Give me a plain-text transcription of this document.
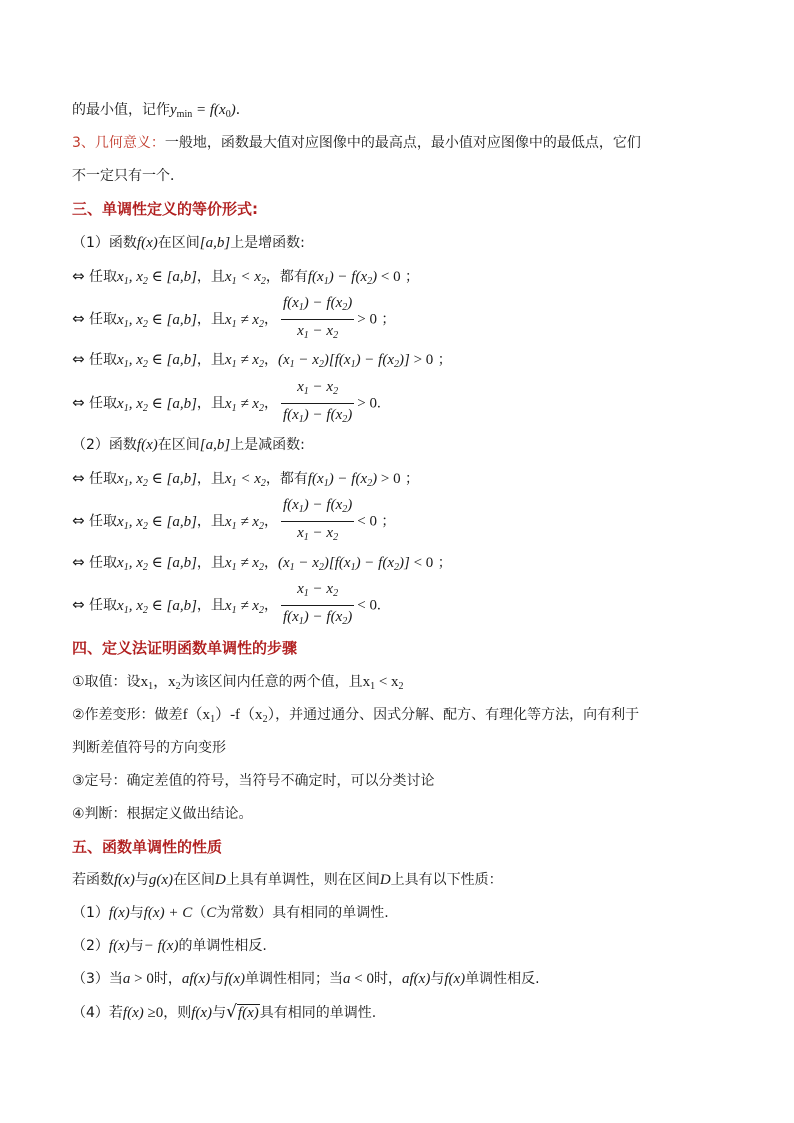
的最小值，记作$y_{min} = f(x_0)$．
3、几何意义：一般地，函数最大值对应图像中的最高点，最小值对应图像中的最低点，它们
不一定只有一个．
三、单调性定义的等价形式:
（1）函数f(x)在区间[a,b]上是增函数:
⇔ 任取$x_1$, $x_2$ ∈ [a,b]，且$x_1 < x_2$，都有$f(x_1) - f(x_2) < 0$ ；
⇔ 任取$x_1$, $x_2$ ∈ [a,b]，且$x_1 \ne x_2$， $\frac{f(x_1) - f(x_2)}{x_1 - x_2} > 0$ ；
⇔ 任取$x_1$, $x_2$ ∈ [a,b]，且$x_1 \ne x_2$，$(x_1 - x_2)[f(x_1) - f(x_2)] > 0$ ；
⇔ 任取$x_1$, $x_2$ ∈ [a,b]，且$x_1 \ne x_2$， $\frac{x_1 - x_2}{f(x_1) - f(x_2)} > 0$.
（2）函数f(x)在区间[a,b]上是减函数:
⇔ 任取$x_1$, $x_2$ ∈ [a,b]，且$x_1 < x_2$，都有$f(x_1) - f(x_2) > 0$ ；
⇔ 任取$x_1$, $x_2$ ∈ [a,b]，且$x_1 \ne x_2$， $\frac{f(x_1) - f(x_2)}{x_1 - x_2} < 0$ ；
⇔ 任取$x_1$, $x_2$ ∈ [a,b]，且$x_1 \ne x_2$，$(x_1 - x_2)[f(x_1) - f(x_2)] < 0$ ；
⇔ 任取$x_1$, $x_2$ ∈ [a,b]，且$x_1 \ne x_2$， $\frac{x_1 - x_2}{f(x_1) - f(x_2)} < 0$.
四、定义法证明函数单调性的步骤
①取值：设$x_1$，$x_2$为该区间内任意的两个值，且$x_1 < x_2$
②作差变形：做差$f(x_1)-f(x_2)$，并通过通分、因式分解、配方、有理化等方法，向有利于
判断差值符号的方向变形
③定号：确定差值的符号，当符号不确定时，可以分类讨论
④判断：根据定义做出结论。
五、函数单调性的性质
若函数f(x)与g(x)在区间D上具有单调性，则在区间D上具有以下性质：
（1）f(x)与f(x) + C（C为常数）具有相同的单调性.
（2）f(x)与− f(x)的单调性相反.
（3）当a > 0时，af(x)与f(x)单调性相同；当a < 0时，af(x)与f(x)单调性相反.
（4）若f(x) ≥0，则f(x)与√f(x)具有相同的单调性.
